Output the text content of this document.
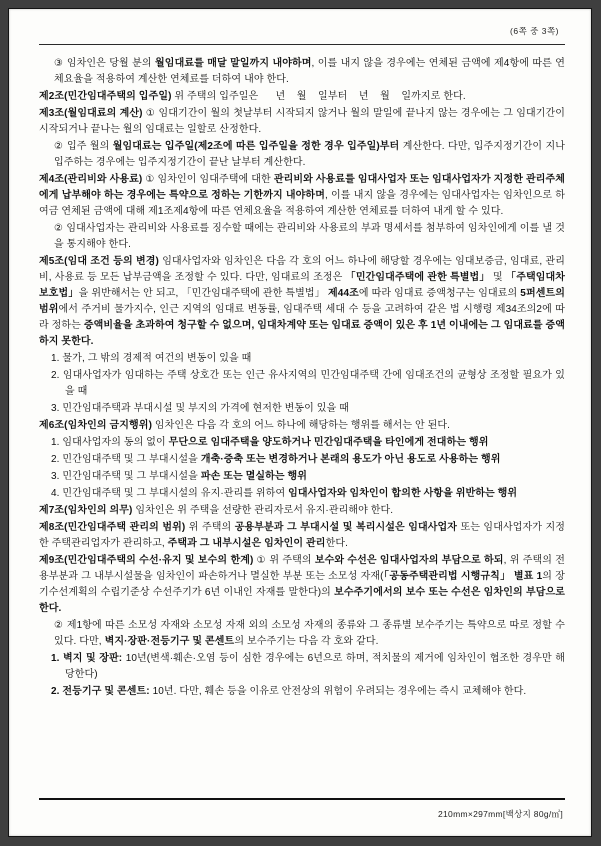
(6쪽 중 3쪽)
③ 임차인은 당월 분의 월임대료를 매달 말일까지 내야하며, 이를 내지 않을 경우에는 연체된 금액에 제4항에 따른 연체요율을 적용하여 계산한 연체료를 더하여 내야 한다.
제2조(민간임대주택의 입주일) 위 주택의 입주일은      년    월    일부터    년    월    일까지로 한다.
제3조(월임대료의 계산) ① 임대기간이 월의 첫날부터 시작되지 않거나 월의 말일에 끝나지 않는 경우에는 그 임대기간이 시작되거나 끝나는 월의 임대료는 일할로 산정한다.
② 입주 월의 월임대료는 입주일(제2조에 따른 입주일을 정한 경우 입주일)부터 계산한다. 다만, 입주지정기간이 지나 입주하는 경우에는 입주지정기간이 끝난 날부터 계산한다.
제4조(관리비와 사용료) ① 임차인이 임대주택에 대한 관리비와 사용료를 임대사업자 또는 임대사업자가 지정한 관리주체에게 납부해야 하는 경우에는 특약으로 정하는 기한까지 내야하며, 이를 내지 않을 경우에는 임대사업자는 임차인으로 하여금 연체된 금액에 대해 제1조제4항에 따른 연체요율을 적용하여 계산한 연체료를 더하여 내게 할 수 있다.
② 임대사업자는 관리비와 사용료를 징수할 때에는 관리비와 사용료의 부과 명세서를 첨부하여 임차인에게 이를 낼 것을 통지해야 한다.
제5조(임대 조건 등의 변경) 임대사업자와 임차인은 다음 각 호의 어느 하나에 해당할 경우에는 임대보증금, 임대료, 관리비, 사용료 등 모든 납부금액을 조정할 수 있다. 다만, 임대료의 조정은 「민간임대주택에 관한 특별법」 및 「주택임대차보호법」을 위반해서는 안 되고, 「민간임대주택에 관한 특별법」 제44조에 따라 임대료 증액청구는 임대료의 5퍼센트의 범위에서 주거비 물가지수, 인근 지역의 임대료 변동률, 임대주택 세대 수 등을 고려하여 같은 법 시행령 제34조의2에 따라 정하는 증액비율을 초과하여 청구할 수 없으며, 임대차계약 또는 임대료 증액이 있은 후 1년 이내에는 그 임대료를 증액하지 못한다.
1. 물가, 그 밖의 경제적 여건의 변동이 있을 때
2. 임대사업자가 임대하는 주택 상호간 또는 인근 유사지역의 민간임대주택 간에 임대조건의 균형상 조정할 필요가 있을 때
3. 민간임대주택과 부대시설 및 부지의 가격에 현저한 변동이 있을 때
제6조(임차인의 금지행위) 임차인은 다음 각 호의 어느 하나에 해당하는 행위를 해서는 안 된다.
1. 임대사업자의 동의 없이 무단으로 임대주택을 양도하거나 민간임대주택을 타인에게 전대하는 행위
2. 민간임대주택 및 그 부대시설을 개축·증축 또는 변경하거나 본래의 용도가 아닌 용도로 사용하는 행위
3. 민간임대주택 및 그 부대시설을 파손 또는 멸실하는 행위
4. 민간임대주택 및 그 부대시설의 유지·관리를 위하여 임대사업자와 임차인이 합의한 사항을 위반하는 행위
제7조(임차인의 의무) 임차인은 위 주택을 선량한 관리자로서 유지·관리해야 한다.
제8조(민간임대주택 관리의 범위) 위 주택의 공용부분과 그 부대시설 및 복리시설은 임대사업자 또는 임대사업자가 지정한 주택관리업자가 관리하고, 주택과 그 내부시설은 임차인이 관리한다.
제9조(민간임대주택의 수선·유지 및 보수의 한계) ① 위 주택의 보수와 수선은 임대사업자의 부담으로 하되, 위 주택의 전용부분과 그 내부시설물을 임차인이 파손하거나 멸실한 부분 또는 소모성 자재(「공동주택관리법 시행규칙」 별표 1의 장기수선계획의 수립기준상 수선주기가 6년 이내인 자재를 말한다)의 보수주기에서의 보수 또는 수선은 임차인의 부담으로 한다.
② 제1항에 따른 소모성 자재와 소모성 자재 외의 소모성 자재의 종류와 그 종류별 보수주기는 특약으로 따로 정할 수 있다. 다만, 벽지·장판·전등기구 및 콘센트의 보수주기는 다음 각 호와 같다.
1. 벽지 및 장판: 10년(변색·훼손·오염 등이 심한 경우에는 6년으로 하며, 적치물의 제거에 임차인이 협조한 경우만 해당한다)
2. 전등기구 및 콘센트: 10년. 다만, 훼손 등을 이유로 안전상의 위험이 우려되는 경우에는 즉시 교체해야 한다.
210mm×297mm[백상지 80g/㎡]
